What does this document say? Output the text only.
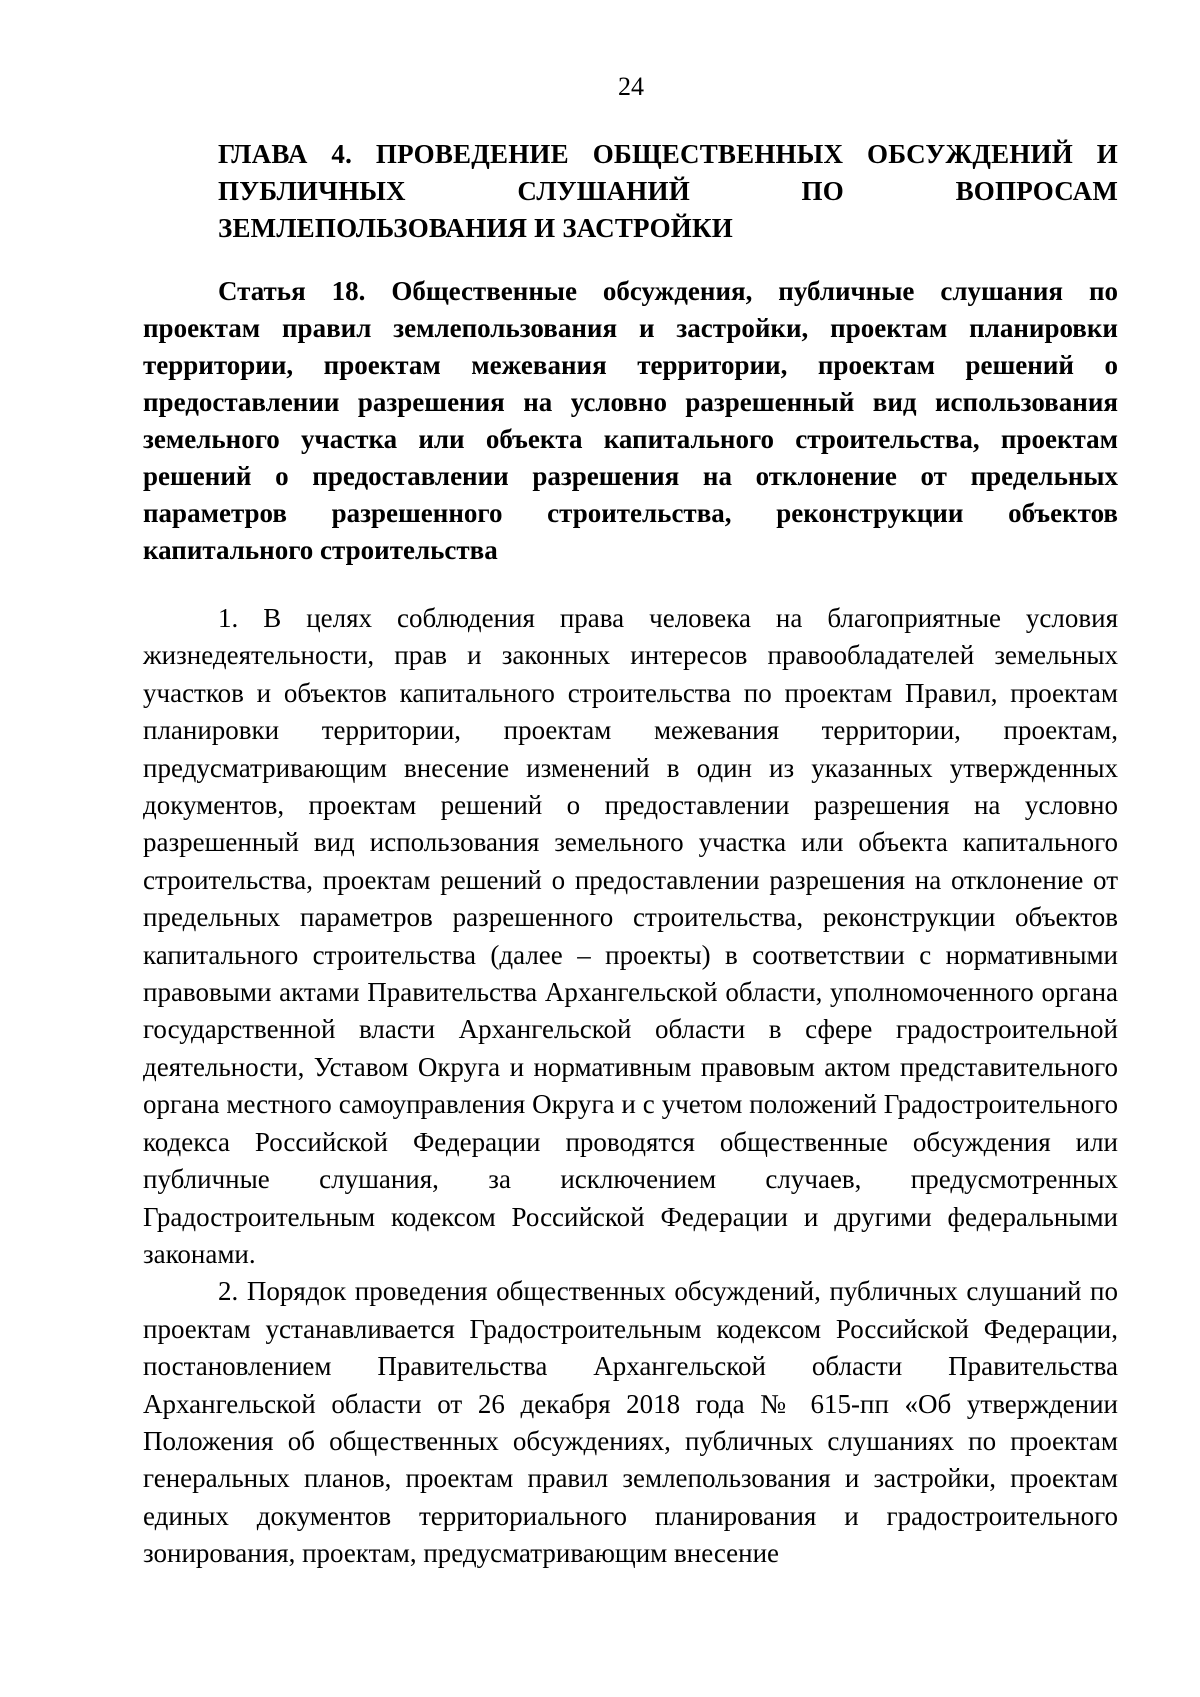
24
ГЛАВА 4. ПРОВЕДЕНИЕ ОБЩЕСТВЕННЫХ ОБСУЖДЕНИЙ И
ПУБЛИЧНЫХ СЛУШАНИЙ ПО ВОПРОСАМ
ЗЕМЛЕПОЛЬЗОВАНИЯ И ЗАСТРОЙКИ
Статья 18. Общественные обсуждения, публичные слушания по проектам правил землепользования и застройки, проектам планировки территории, проектам межевания территории, проектам решений о предоставлении разрешения на условно разрешенный вид использования земельного участка или объекта капитального строительства, проектам решений о предоставлении разрешения на отклонение от предельных параметров разрешенного строительства, реконструкции объектов капитального строительства

1. В целях соблюдения права человека на благоприятные условия жизнедеятельности, прав и законных интересов правообладателей земельных участков и объектов капитального строительства по проектам Правил, проектам планировки территории, проектам межевания территории, проектам, предусматривающим внесение изменений в один из указанных утвержденных документов, проектам решений о предоставлении разрешения на условно разрешенный вид использования земельного участка или объекта капитального строительства, проектам решений о предоставлении разрешения на отклонение от предельных параметров разрешенного строительства, реконструкции объектов капитального строительства (далее – проекты) в соответствии с нормативными правовыми актами Правительства Архангельской области, уполномоченного органа государственной власти Архангельской области в сфере градостроительной деятельности, Уставом Округа и нормативным правовым актом представительного органа местного самоуправления Округа и с учетом положений Градостроительного кодекса Российской Федерации проводятся общественные обсуждения или публичные слушания, за исключением случаев, предусмотренных Градостроительным кодексом Российской Федерации и другими федеральными законами.

2. Порядок проведения общественных обсуждений, публичных слушаний по проектам устанавливается Градостроительным кодексом Российской Федерации, постановлением Правительства Архангельской области Правительства Архангельской области от 26 декабря 2018 года № 615-пп «Об утверждении Положения об общественных обсуждениях, публичных слушаниях по проектам генеральных планов, проектам правил землепользования и застройки, проектам единых документов территориального планирования и градостроительного зонирования, проектам, предусматривающим внесение
